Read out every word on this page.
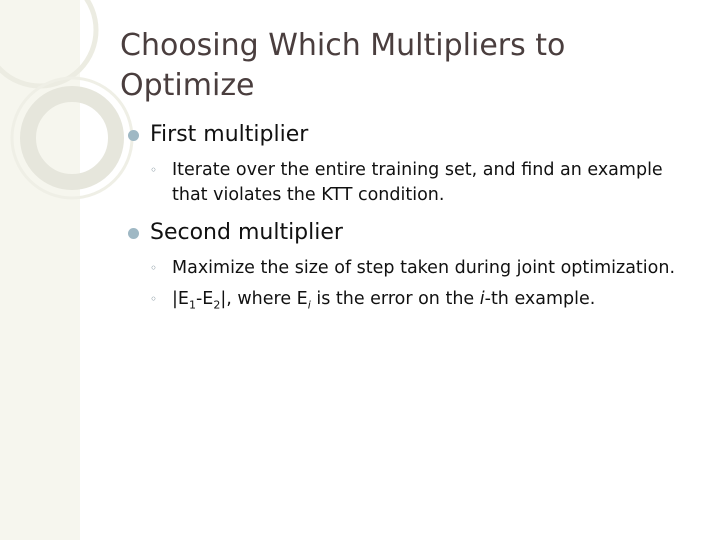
Choosing Which Multipliers to Optimize
First multiplier
◦ Iterate over the entire training set, and find an example that violates the KTT condition.
Second multiplier
◦ Maximize the size of step taken during joint optimization.
◦ $|E_1-E_2|$, where $E_i$ is the error on the i-th example.
